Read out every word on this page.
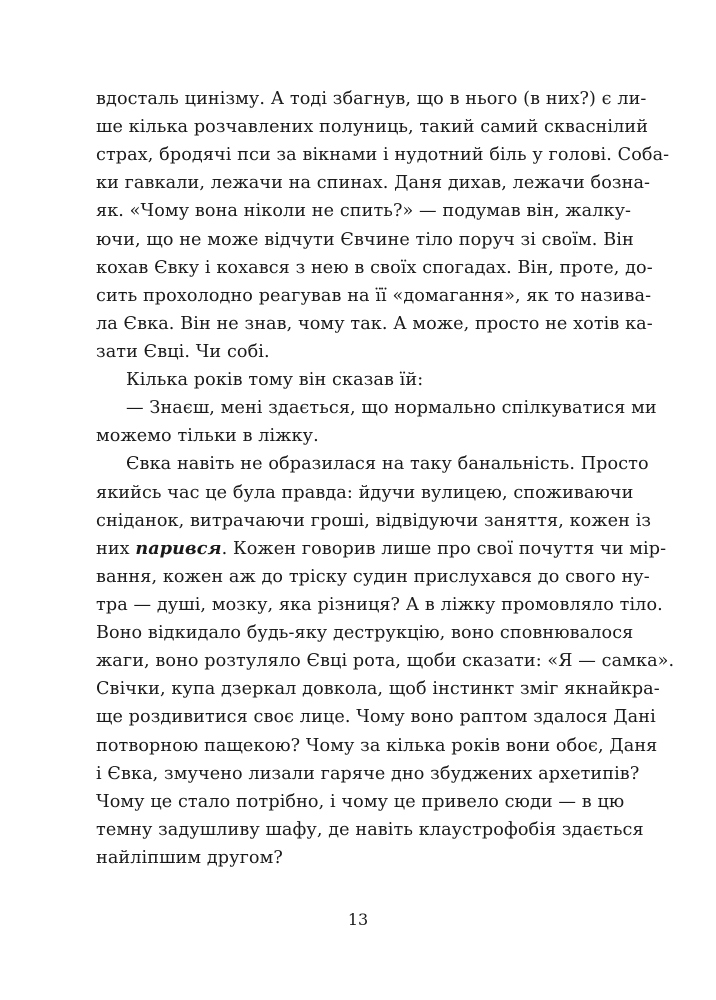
вдосталь цинізму. А тоді збагнув, що в нього (в них?) є ли-
ше кілька розчавлених полуниць, такий самий скваснілий
страх, бродячі пси за вікнами і нудотний біль у голові. Соба-
ки гавкали, лежачи на спинах. Даня дихав, лежачи бозна-
як. «Чому вона ніколи не спить?» — подумав він, жалку-
ючи, що не може відчути Євчине тіло поруч зі своїм. Він
кохав Євку і кохався з нею в своїх спогадах. Він, проте, до-
сить прохолодно реагував на її «домагання», як то назива-
ла Євка. Він не знав, чому так. А може, просто не хотів ка-
зати Євці. Чи собі.
Кілька років тому він сказав їй:
— Знаєш, мені здається, що нормально спілкуватися ми
можемо тільки в ліжку.
Євка навіть не образилася на таку банальність. Просто
якийсь час це була правда: йдучи вулицею, споживаючи
сніданок, витрачаючи гроші, відвідуючи заняття, кожен із
них парився. Кожен говорив лише про свої почуття чи мір-
вання, кожен аж до тріску судин прислухався до свого ну-
тра — душі, мозку, яка різниця? А в ліжку промовляло тіло.
Воно відкидало будь-яку деструкцію, воно сповнювалося
жаги, воно розтуляло Євці рота, щоби сказати: «Я — самка».
Свічки, купа дзеркал довкола, щоб інстинкт зміг якнайкра-
ще роздивитися своє лице. Чому воно раптом здалося Дані
потворною пащекою? Чому за кілька років вони обоє, Даня
і Євка, змучено лизали гаряче дно збуджених архетипів?
Чому це стало потрібно, і чому це привело сюди — в цю
темну задушливу шафу, де навіть клаустрофобія здається
найліпшим другом?
13
